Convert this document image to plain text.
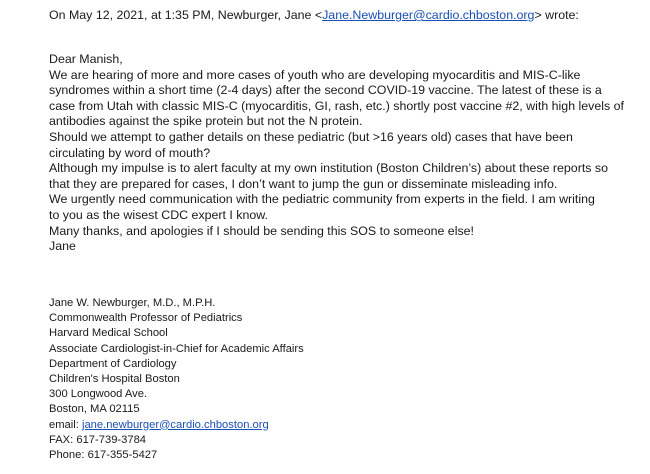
On May 12, 2021, at 1:35 PM, Newburger, Jane <Jane.Newburger@cardio.chboston.org> wrote:
Dear Manish,
We are hearing of more and more cases of youth who are developing myocarditis and MIS-C-like
syndromes within a short time (2-4 days) after the second COVID-19 vaccine. The latest of these is a
case from Utah with classic MIS-C (myocarditis, GI, rash, etc.) shortly post vaccine #2, with high levels of
antibodies against the spike protein but not the N protein.
Should we attempt to gather details on these pediatric (but >16 years old) cases that have been
circulating by word of mouth?
Although my impulse is to alert faculty at my own institution (Boston Children’s) about these reports so
that they are prepared for cases, I don’t want to jump the gun or disseminate misleading info.
We urgently need communication with the pediatric community from experts in the field. I am writing
to you as the wisest CDC expert I know.
Many thanks, and apologies if I should be sending this SOS to someone else!
Jane
Jane W. Newburger, M.D., M.P.H.
Commonwealth Professor of Pediatrics
Harvard Medical School
Associate Cardiologist-in-Chief for Academic Affairs
Department of Cardiology
Children's Hospital Boston
300 Longwood Ave.
Boston, MA 02115
email: jane.newburger@cardio.chboston.org
FAX: 617-739-3784
Phone: 617-355-5427
